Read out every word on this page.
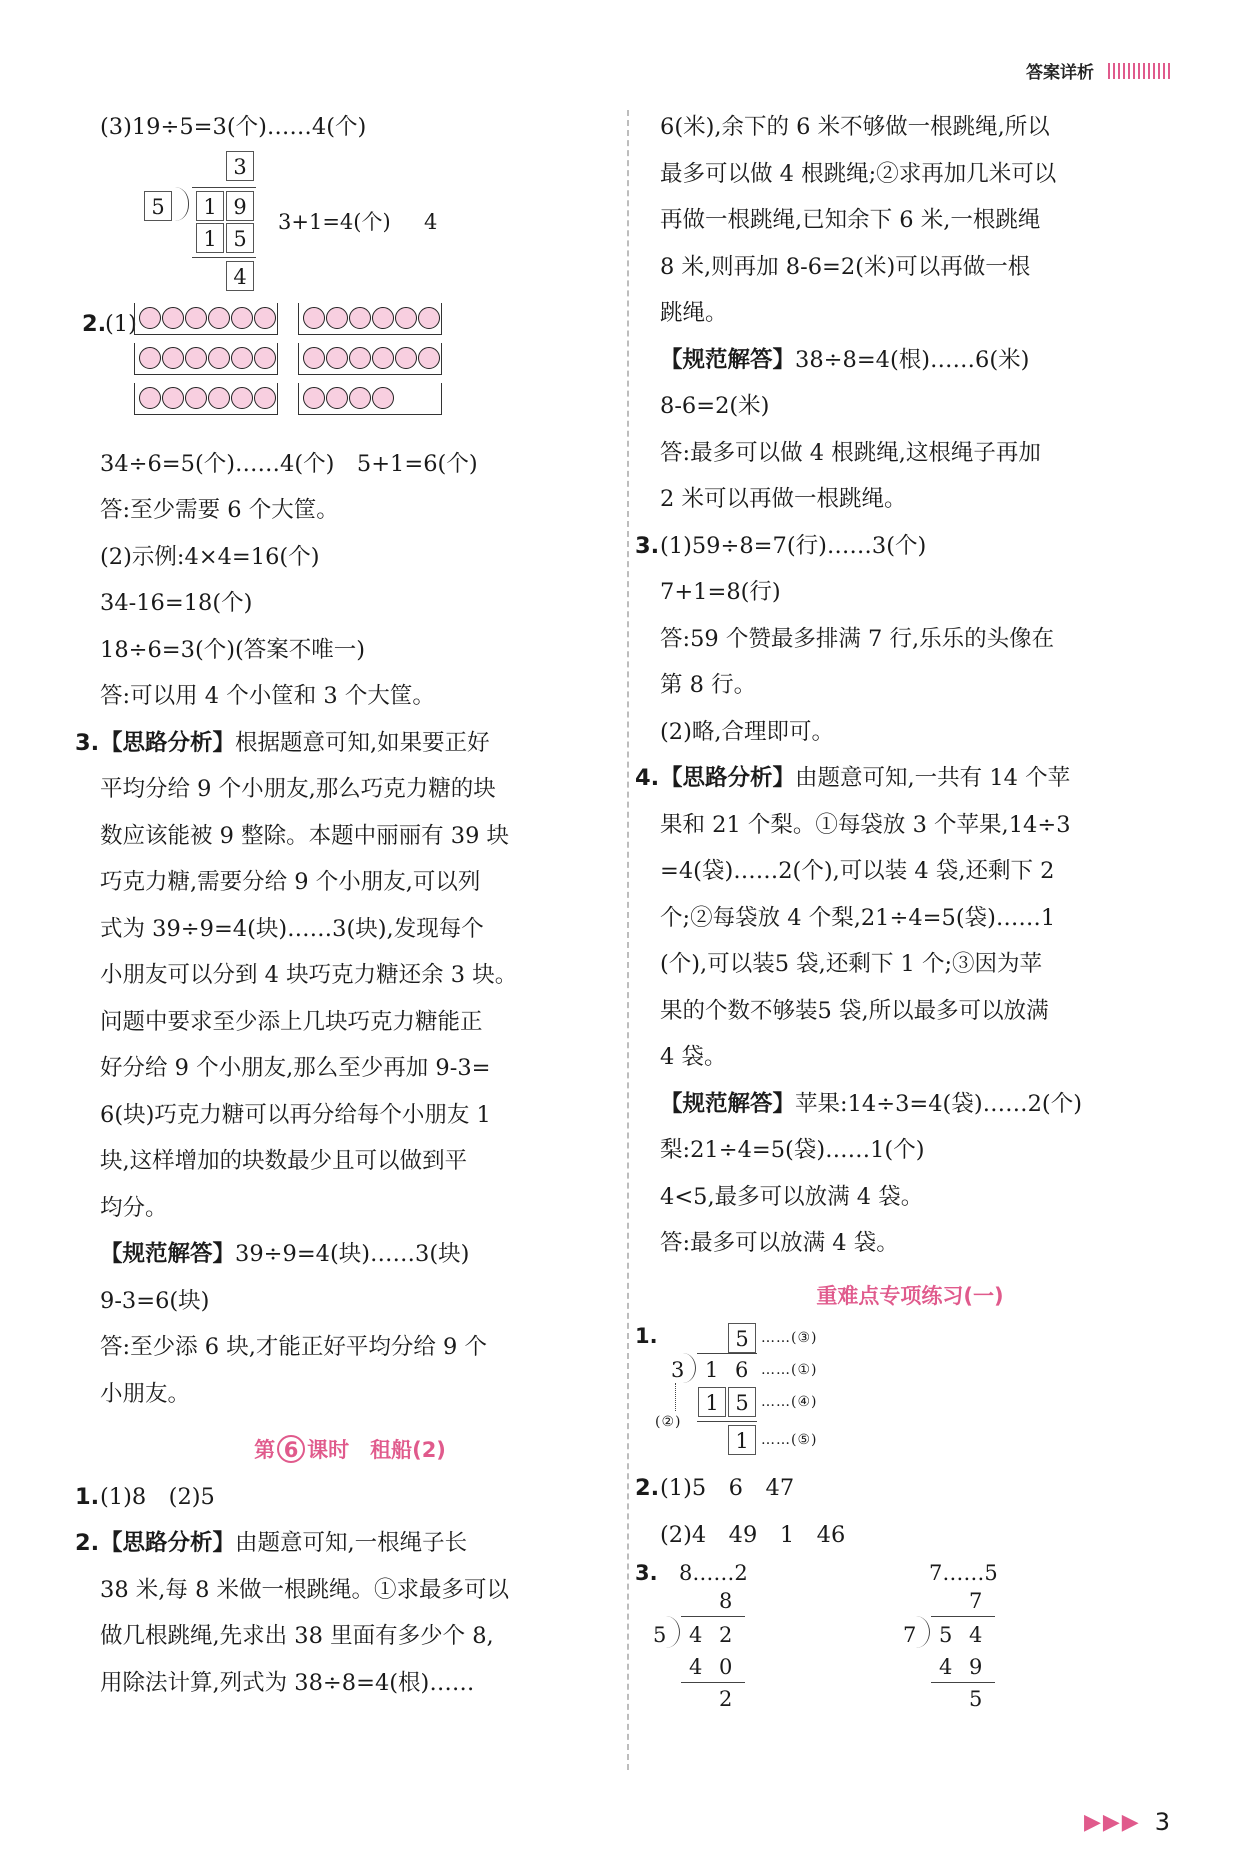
答案详析
(3)19÷5=3(个)……4(个)
3
5	1 9
1 5
4
3+1=4(个) 4
2.
(1)
34÷6=5(个)……4(个)　5+1=6(个)
答:至少需要 6 个大筐。
(2)示例:4×4=16(个)
34-16=18(个)
18÷6=3(个)(答案不唯一)
答:可以用 4 个小筐和 3 个大筐。
3.【思路分析】根据题意可知,如果要正好
平均分给 9 个小朋友,那么巧克力糖的块
数应该能被 9 整除。本题中丽丽有 39 块
巧克力糖,需要分给 9 个小朋友,可以列
式为 39÷9=4(块)……3(块),发现每个
小朋友可以分到 4 块巧克力糖还余 3 块。
问题中要求至少添上几块巧克力糖能正
好分给 9 个小朋友,那么至少再加 9-3=
6(块)巧克力糖可以再分给每个小朋友 1
块,这样增加的块数最少且可以做到平
均分。
【规范解答】39÷9=4(块)……3(块)
9-3=6(块)
答:至少添 6 块,才能正好平均分给 9 个
小朋友。
第 6 课时　租船(2)
1.(1)8　(2)5
2.【思路分析】由题意可知,一根绳子长
38 米,每 8 米做一根跳绳。①求最多可以
做几根跳绳,先求出 38 里面有多少个 8,
用除法计算,列式为 38÷8=4(根)……
6(米),余下的 6 米不够做一根跳绳,所以
最多可以做 4 根跳绳;②求再加几米可以
再做一根跳绳,已知余下 6 米,一根跳绳
8 米,则再加 8-6=2(米)可以再做一根
跳绳。
【规范解答】38÷8=4(根)……6(米)
8-6=2(米)
答:最多可以做 4 根跳绳,这根绳子再加
2 米可以再做一根跳绳。
3.(1)59÷8=7(行)……3(个)
7+1=8(行)
答:59 个赞最多排满 7 行,乐乐的头像在
第 8 行。
(2)略,合理即可。
4.【思路分析】由题意可知,一共有 14 个苹
果和 21 个梨。①每袋放 3 个苹果,14÷3
=4(袋)……2(个),可以装 4 袋,还剩下 2
个;②每袋放 4 个梨,21÷4=5(袋)……1
(个),可以装5 袋,还剩下 1 个;③因为苹
果的个数不够装5 袋,所以最多可以放满
4 袋。
【规范解答】苹果:14÷3=4(袋)……2(个)
梨:21÷4=5(袋)……1(个)
4<5,最多可以放满 4 袋。
答:最多可以放满 4 袋。
重难点专项练习(一)
1.	5 ……(③)
3 1 6 ……(①)
(②)
1 5 ……(④)
1 ……(⑤)
2.(1)5　6　47
(2)4　49　1　46
3. 8……2
8
5 4 2
4 0
2
7……5
7
7 5 4
4 9
5
▶▶▶ 3
